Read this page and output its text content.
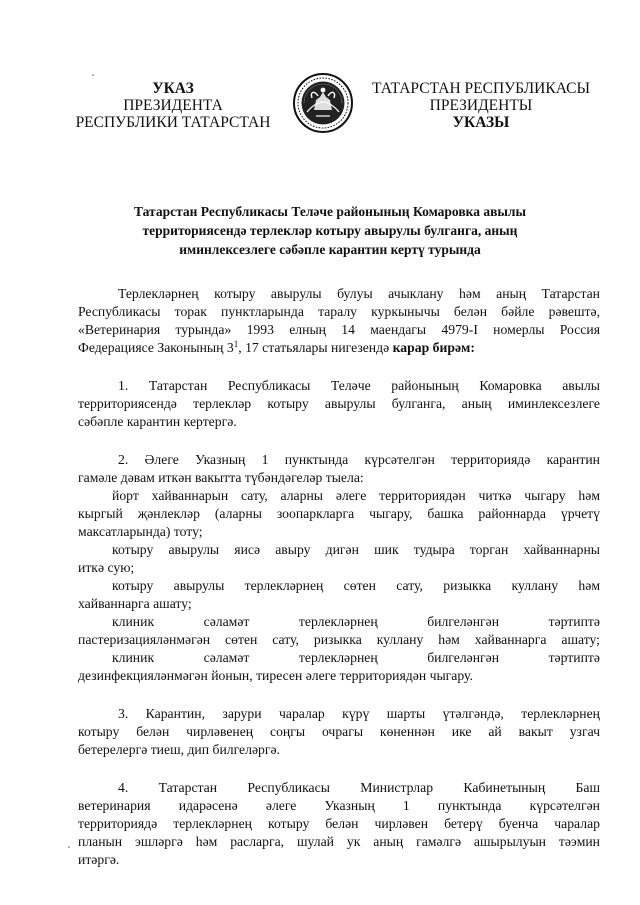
УКАЗ
ПРЕЗИДЕНТА
РЕСПУБЛИКИ ТАТАРСТАН
ТАТАРСТАН РЕСПУБЛИКАСЫ
ПРЕЗИДЕНТЫ
УКАЗЫ
Татарстан Республикасы Теләче районының Комаровка авылы
территориясендә терлекләр котыру авырулы булганга, аның
иминлексезлеге сәбәпле карантин кертү турында
Терлекләрнең котыру авырулы булуы ачыклану һәм аның Татарстан
Республикасы торак пунктларында таралу куркынычы белән бәйле рәвештә,
«Ветеринария турында» 1993 елның 14 маендагы 4979-I номерлы Россия
Федерациясе Законының $3^1$, 17 статьялары нигезендә карар бирәм:
1. Татарстан Республикасы Теләче районының Комаровка авылы
территориясендә терлекләр котыру авырулы булганга, аның иминлексезлеге
сәбәпле карантин кертергә.
2. Әлеге Указның 1 пунктында күрсәтелгән территориядә карантин
гамәле дәвам иткән вакытта түбәндәгеләр тыела:
йорт хайваннарын сату, аларны әлеге территориядән читкә чыгару һәм
кыргый җәнлекләр (аларны зоопаркларга чыгару, башка районнарда үрчетү
максатларында) тоту;
котыру авырулы яисә авыру дигән шик тудыра торган хайваннарны
иткә сую;
котыру авырулы терлекләрнең сөтен сату, ризыкка куллану һәм
хайваннарга ашату;
клиник сәламәт терлекләрнең билгеләнгән тәртиптә
пастеризацияләнмәгән сөтен сату, ризыкка куллану һәм хайваннарга ашату;
клиник сәламәт терлекләрнең билгеләнгән тәртиптә
дезинфекцияләнмәгән йонын, тиресен әлеге территориядән чыгару.
3. Карантин, зарури чаралар күрү шарты үтәлгәндә, терлекләрнең
котыру белән чирләвенең соңгы очрагы көненнән ике ай вакыт узгач
бетерелергә тиеш, дип билгеләргә.
4. Татарстан Республикасы Министрлар Кабинетының Баш
ветеринария идарәсенә әлеге Указның 1 пунктында күрсәтелгән
территориядә терлекләрнең котыру белән чирләвен бетерү буенча чаралар
планын эшләргә һәм расларга, шулай ук аның гамәлгә ашырылуын тәэмин
итәргә.
